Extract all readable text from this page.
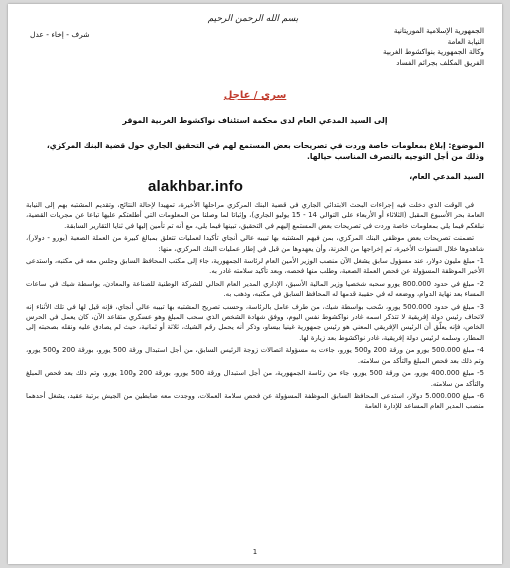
بسم الله الرحمن الرحيم
الجمهورية الإسلامية الموريتانية
النيابة العامة
وكالة الجمهورية بنواكشوط الغربية
الفريق المكلف بجرائم الفساد
شرف - إخاء - عدل
سري / عاجل
إلى السيد المدعي العام لدى محكمة استئناف نواكشوط الغربية الموقر
الموضوع: إبلاغ بمعلومات خاصة وردت في تصريحات بعض المستمع لهم في التحقيق الجاري حول قضية البنك المركزي، وذلك من أجل التوجيه بالتصرف المناسب حيالها.
السيد المدعي العام،
alakhbar.info

في الوقت الذي دخلت فيه إجراءات البحث الابتدائي الجاري في قضية البنك المركزي مراحلها الأخيرة، تمهيدا لإحالة النتائج، وتقديم المشتبه بهم إلى النيابة العامة بحر الأسبوع المقبل (الثلاثاء أو الأربعاء على التوالي 14 - 15 يوليو الجاري)، وإثباتا لما وصلنا من المعلومات التي أطلعتكم عليها تباعا عن مجريات القضية، نبلغكم فيما يلي بمعلومات خاصة وردت في تصريحات بعض المستمع إليهم في التحقيق، تبينها فيما يلي، مع أنه تم تأمين إليها في ثنايا التقارير السابقة.

تضمنت تصريحات بعض موظفي البنك المركزي، بمن فيهم المشتبه بها تبيبه عالي أنجاي تأكيدا لعمليات تتعلق بمبالغ كبيرة من العملة الصعبة (يورو - دولار)، شاهدوها خلال السنوات الأخيرة، تم إخراجها من الخزنة، وأن يعهدوها من قبل في إطار عمليات البنك المركزي، منها:

1- مبلغ مليون دولار، عند مسؤول سابق يشغل الآن منصب الوزير الأمين العام لرئاسة الجمهورية، جاء إلى مكتب المحافظ السابق وجلس معه في مكتبه، واستدعى الأخير الموظفة المسؤولة عن فحص العملة الصعبة، وطلب منها فحصه، وبعد تأكيد سلامته غادر به.

2- مبلغ في حدود 800.000 يورو سحبه شخصيا وزير المالية الأسبق، الإداري المدير العام الحالي للشركة الوطنية للصناعة والمعادن، بواسطة شيك في ساعات المساء بعد نهاية الدوام، ووضعه له في حقيبة قدمها له المحافظ السابق في مكتبه، وذهب به.

3- مبلغ في حدود 500.000 يورو، سُحب بواسطة شيك، من طرف عامل بالرئاسة، وحسب تصريح المشتبه بها تبيبه عالي أنجاي، فإنه قيل لها في تلك الأثناء إنه لاتحاف رئيس دولة إفريقية لا تتذكر اسمه غادر نواكشوط نفس اليوم، ووفق شهادة الشخص الذي سحب المبلغ وهو عسكري متقاعد الآن، كان يعمل في الحرس الخاص، فإنه يعلّق أن الرئيس الإفريقي المعني هو رئيس جمهورية غينيا بيساو، وذكر أنه يحمل رقم الشيك، ثلاثة أو ثمانية، حيث لم يصادق عليه ونقله بصحبته إلى المطار، وسلمه لرئيس دولة إفريقية، غادر نواكشوط بعد زيارة لها.

4- مبلغ 500.000 يورو من ورقة 200 و500 يورو، جاءت به مسؤولة اتصالات زوجة الرئيس السابق، من أجل استبدال ورقة 500 يورو، بورقة 200 و500 يورو، وتم ذلك بعد فحص المبلغ والتأكد من سلامته.

5- مبلغ 400.000 يورو، من ورقة 500 يورو، جاء من رئاسة الجمهورية، من أجل استبدال ورقة 500 يورو، بورقة 200 و100 يورو، وتم ذلك بعد فحص المبلغ والتأكد من سلامته.

6- مبلغ 5.000.000 دولار، استدعى المحافظ السابق الموظفة المسؤولة عن فحص سلامة العملات، ووجدت معه ضابطين من الجيش برتبة عقيد، يشغل أحدهما منصب المدير العام المساعد للإدارة العامة

1
